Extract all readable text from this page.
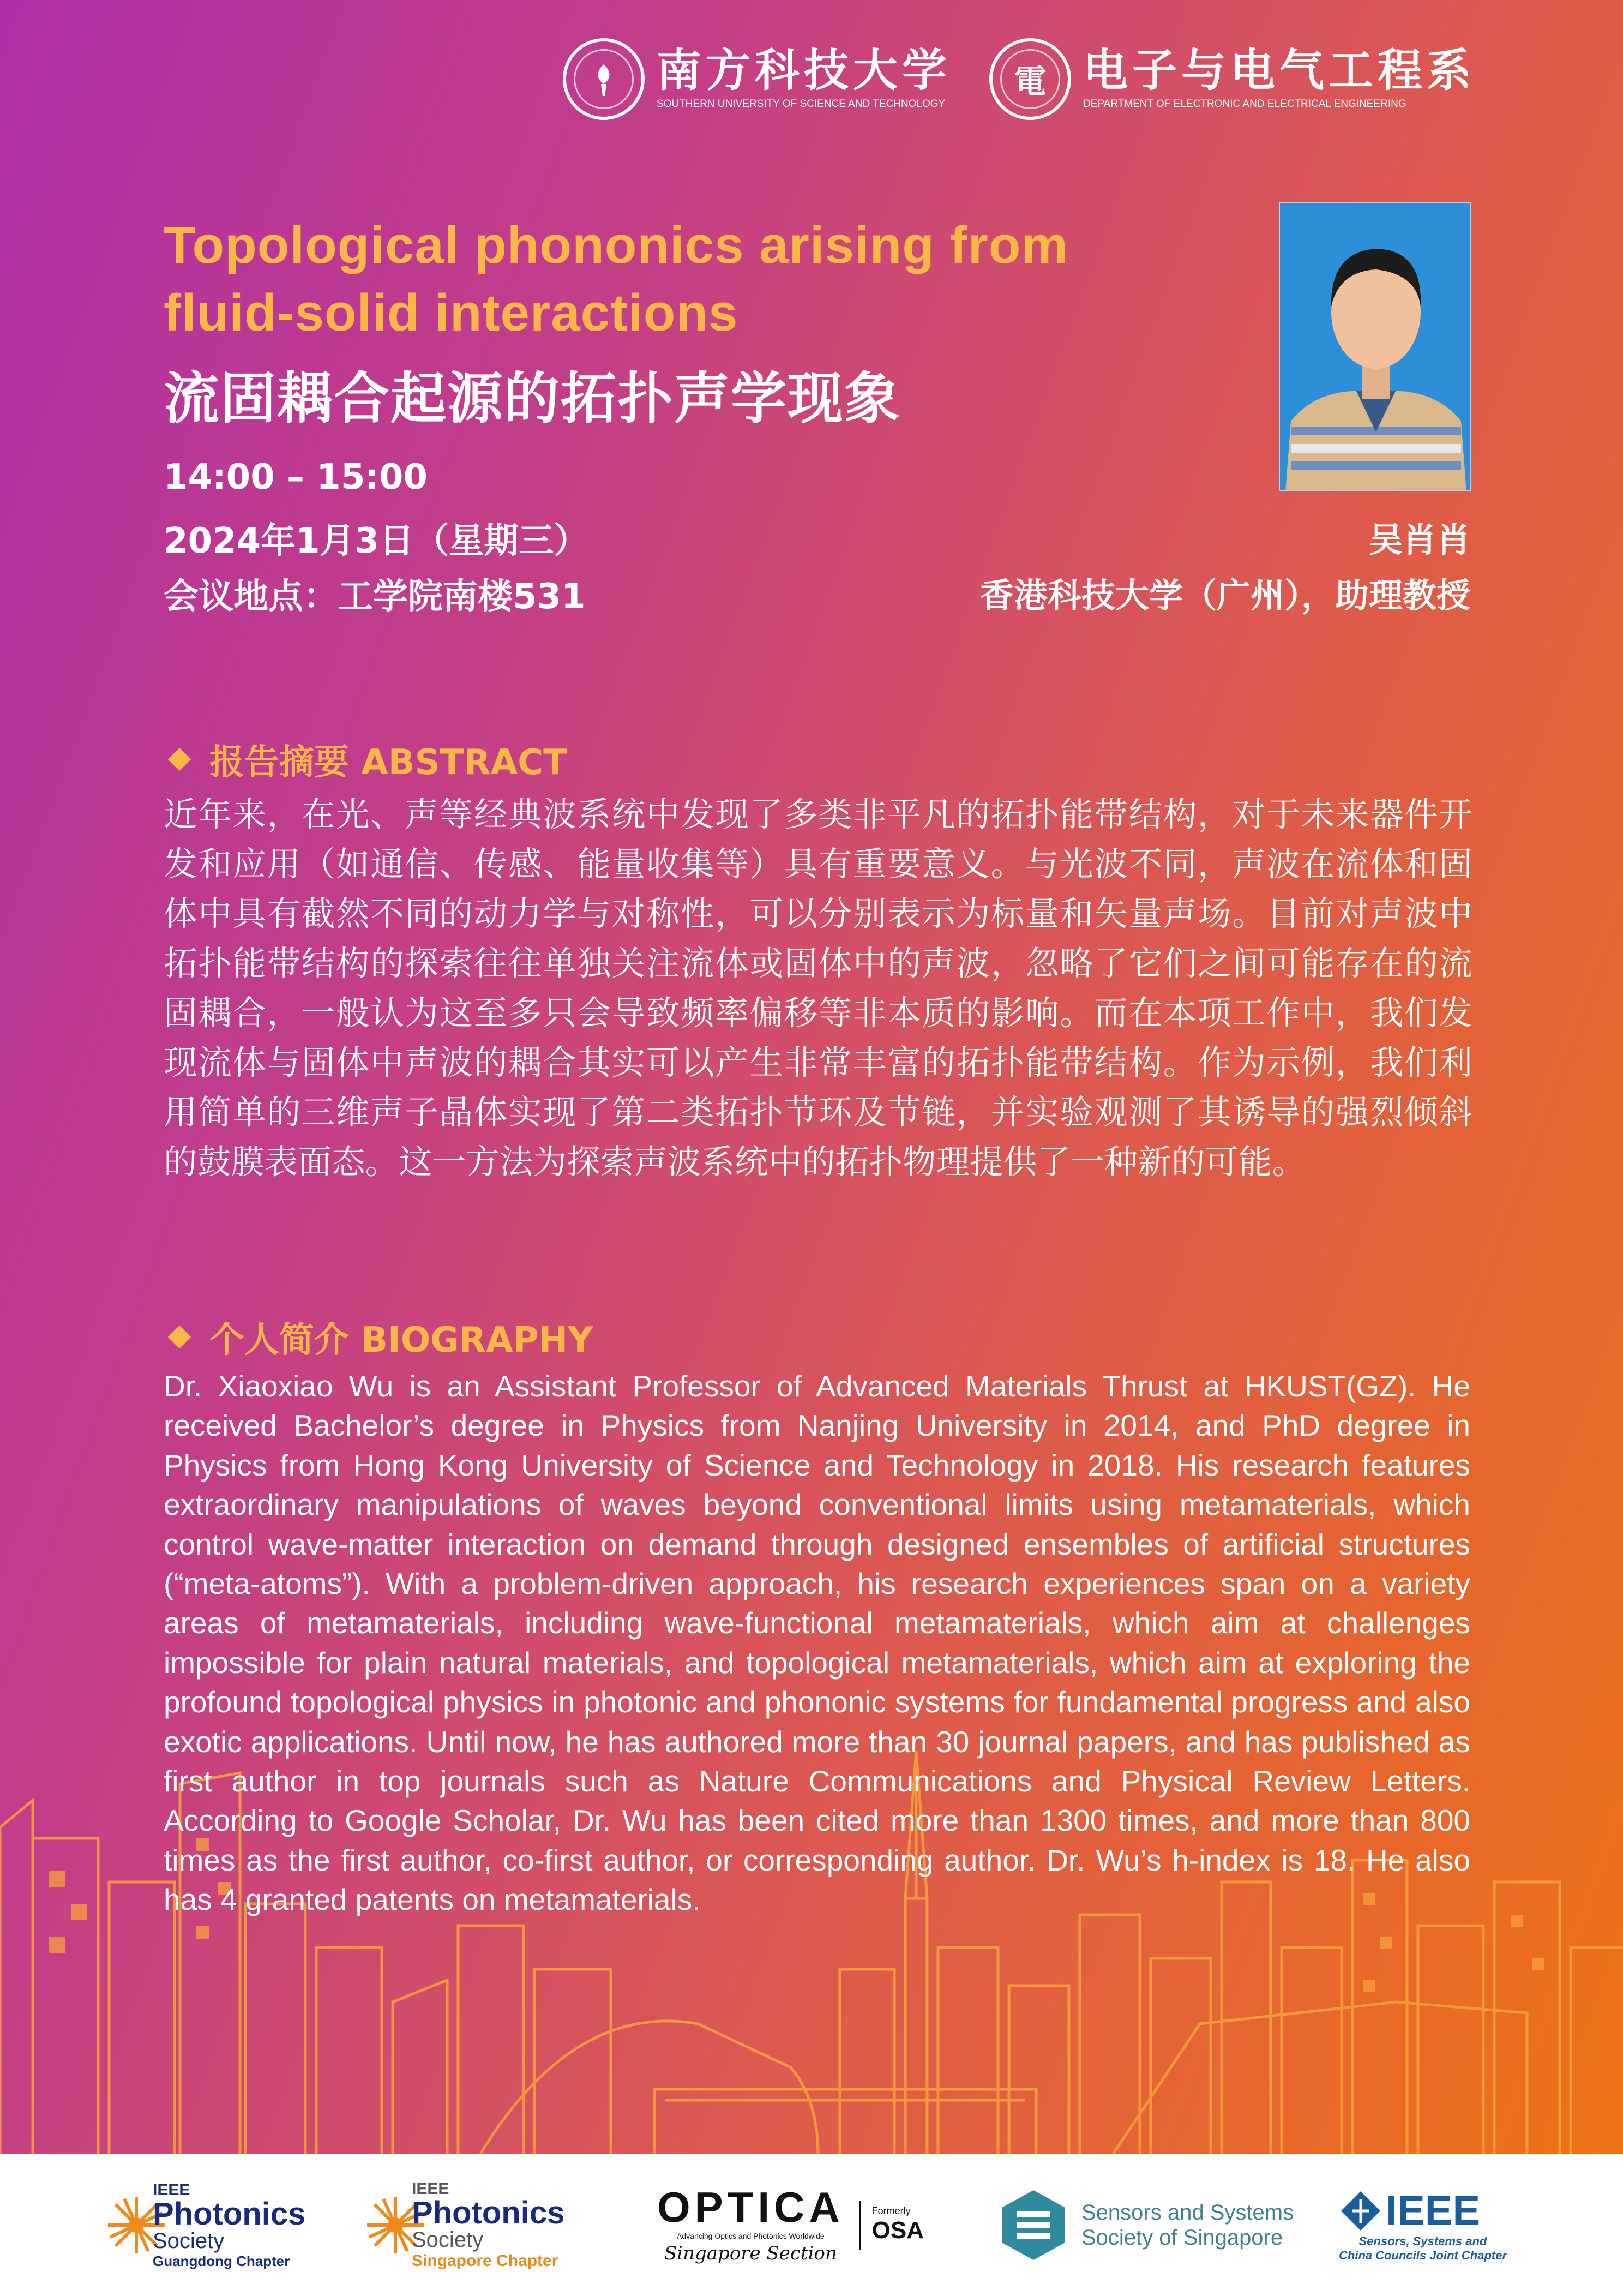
南方科技大学
SOUTHERN UNIVERSITY OF SCIENCE AND TECHNOLOGY
電 电子与电气工程系
DEPARTMENT OF ELECTRONIC AND ELECTRICAL ENGINEERING
Topological phononics arising from fluid-solid interactions
流固耦合起源的拓扑声学现象
14:00 – 15:00
2024年1月3日（星期三）
会议地点：工学院南楼531
吴肖肖
香港科技大学（广州），助理教授
报告摘要 ABSTRACT
近年来，在光、声等经典波系统中发现了多类非平凡的拓扑能带结构，对于未来器件开发和应用（如通信、传感、能量收集等）具有重要意义。与光波不同，声波在流体和固体中具有截然不同的动力学与对称性，可以分别表示为标量和矢量声场。目前对声波中拓扑能带结构的探索往往单独关注流体或固体中的声波，忽略了它们之间可能存在的流固耦合，一般认为这至多只会导致频率偏移等非本质的影响。而在本项工作中，我们发现流体与固体中声波的耦合其实可以产生非常丰富的拓扑能带结构。作为示例，我们利用简单的三维声子晶体实现了第二类拓扑节环及节链，并实验观测了其诱导的强烈倾斜的鼓膜表面态。这一方法为探索声波系统中的拓扑物理提供了一种新的可能。
个人简介 BIOGRAPHY
Dr. Xiaoxiao Wu is an Assistant Professor of Advanced Materials Thrust at HKUST(GZ). He received Bachelor’s degree in Physics from Nanjing University in 2014, and PhD degree in Physics from Hong Kong University of Science and Technology in 2018. His research features extraordinary manipulations of waves beyond conventional limits using metamaterials, which control wave-matter interaction on demand through designed ensembles of artificial structures (“meta-atoms”). With a problem-driven approach, his research experiences span on a variety areas of metamaterials, including wave-functional metamaterials, which aim at challenges impossible for plain natural materials, and topological metamaterials, which aim at exploring the profound topological physics in photonic and phononic systems for fundamental progress and also exotic applications. Until now, he has authored more than 30 journal papers, and has published as first author in top journals such as Nature Communications and Physical Review Letters. According to Google Scholar, Dr. Wu has been cited more than 1300 times, and more than 800 times as the first author, co-first author, or corresponding author. Dr. Wu’s h-index is 18. He also has 4 granted patents on metamaterials.
IEEE
Photonics
Society
Guangdong Chapter
IEEE
Photonics
Society
Singapore Chapter
OPTICA
Advancing Optics and Photonics Worldwide
Singapore Section
Formerly
OSA
Sensors and Systems
Society of Singapore
IEEE
Sensors, Systems and
China Councils Joint Chapter
